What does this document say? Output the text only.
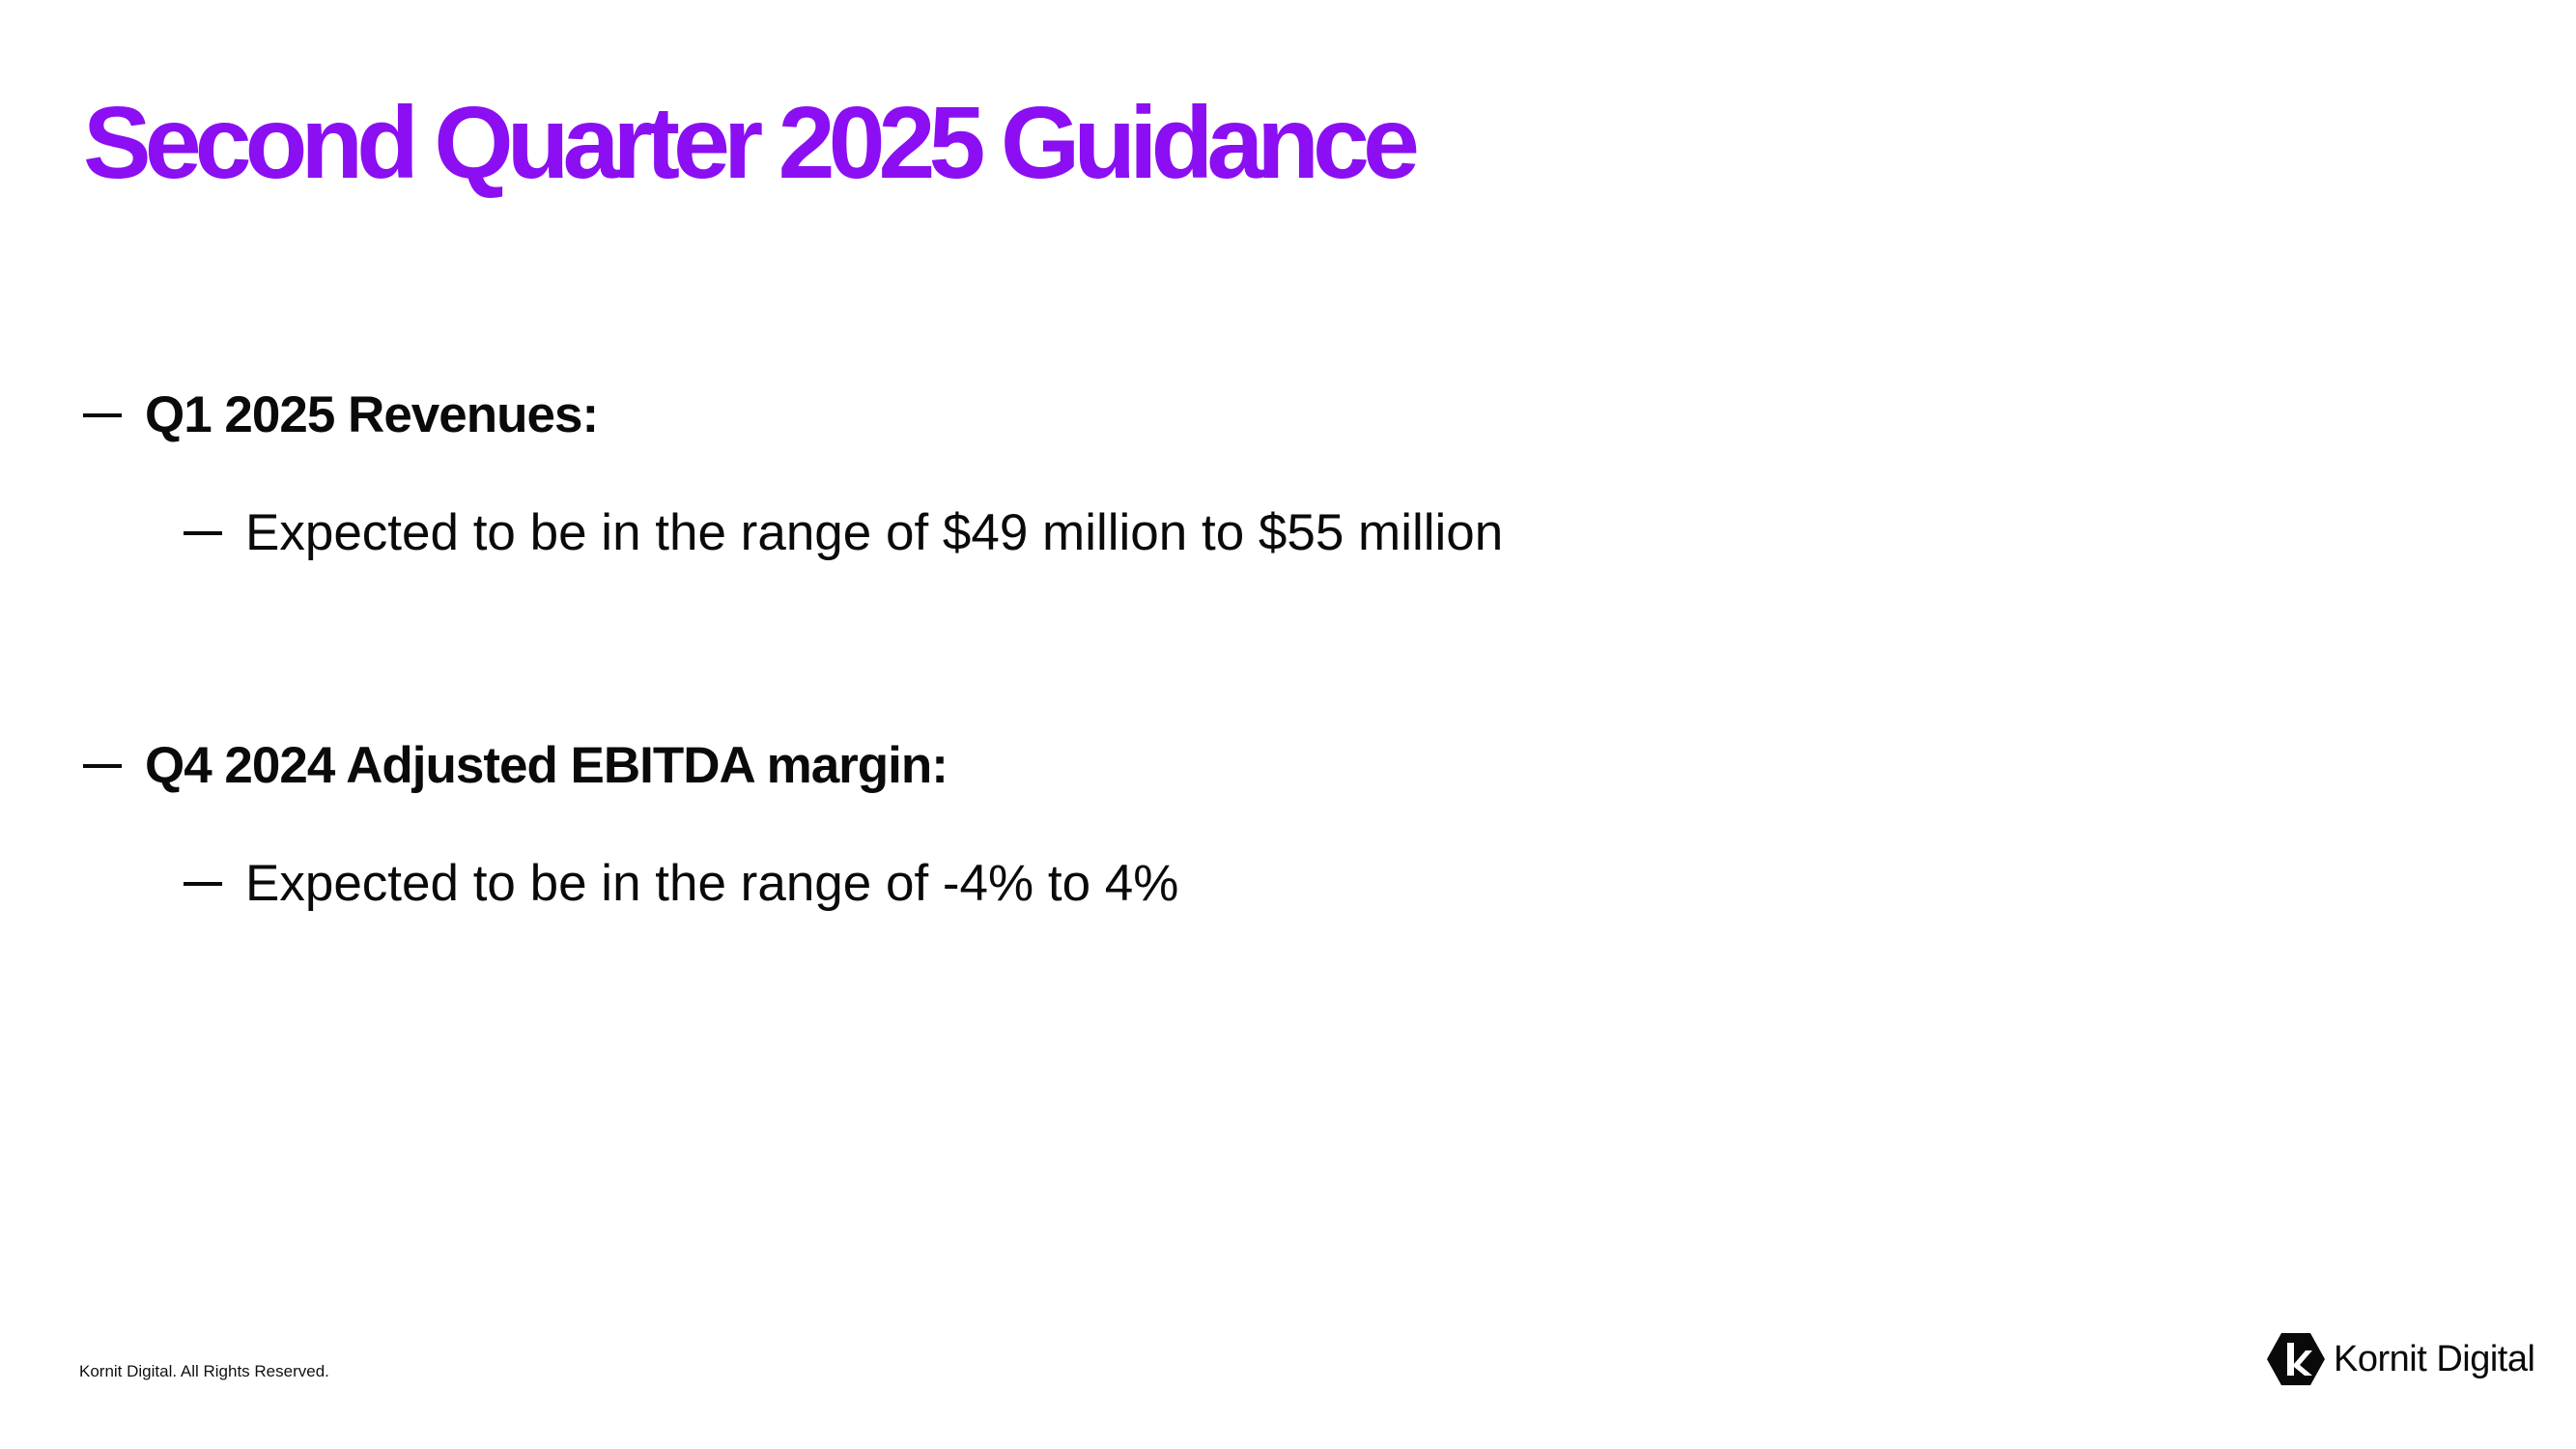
Second Quarter 2025 Guidance
Q1 2025 Revenues:
Expected to be in the range of $49 million to $55 million
Q4 2024 Adjusted EBITDA margin:
Expected to be in the range of -4% to 4%
Kornit Digital. All Rights Reserved.	Kornit Digital
